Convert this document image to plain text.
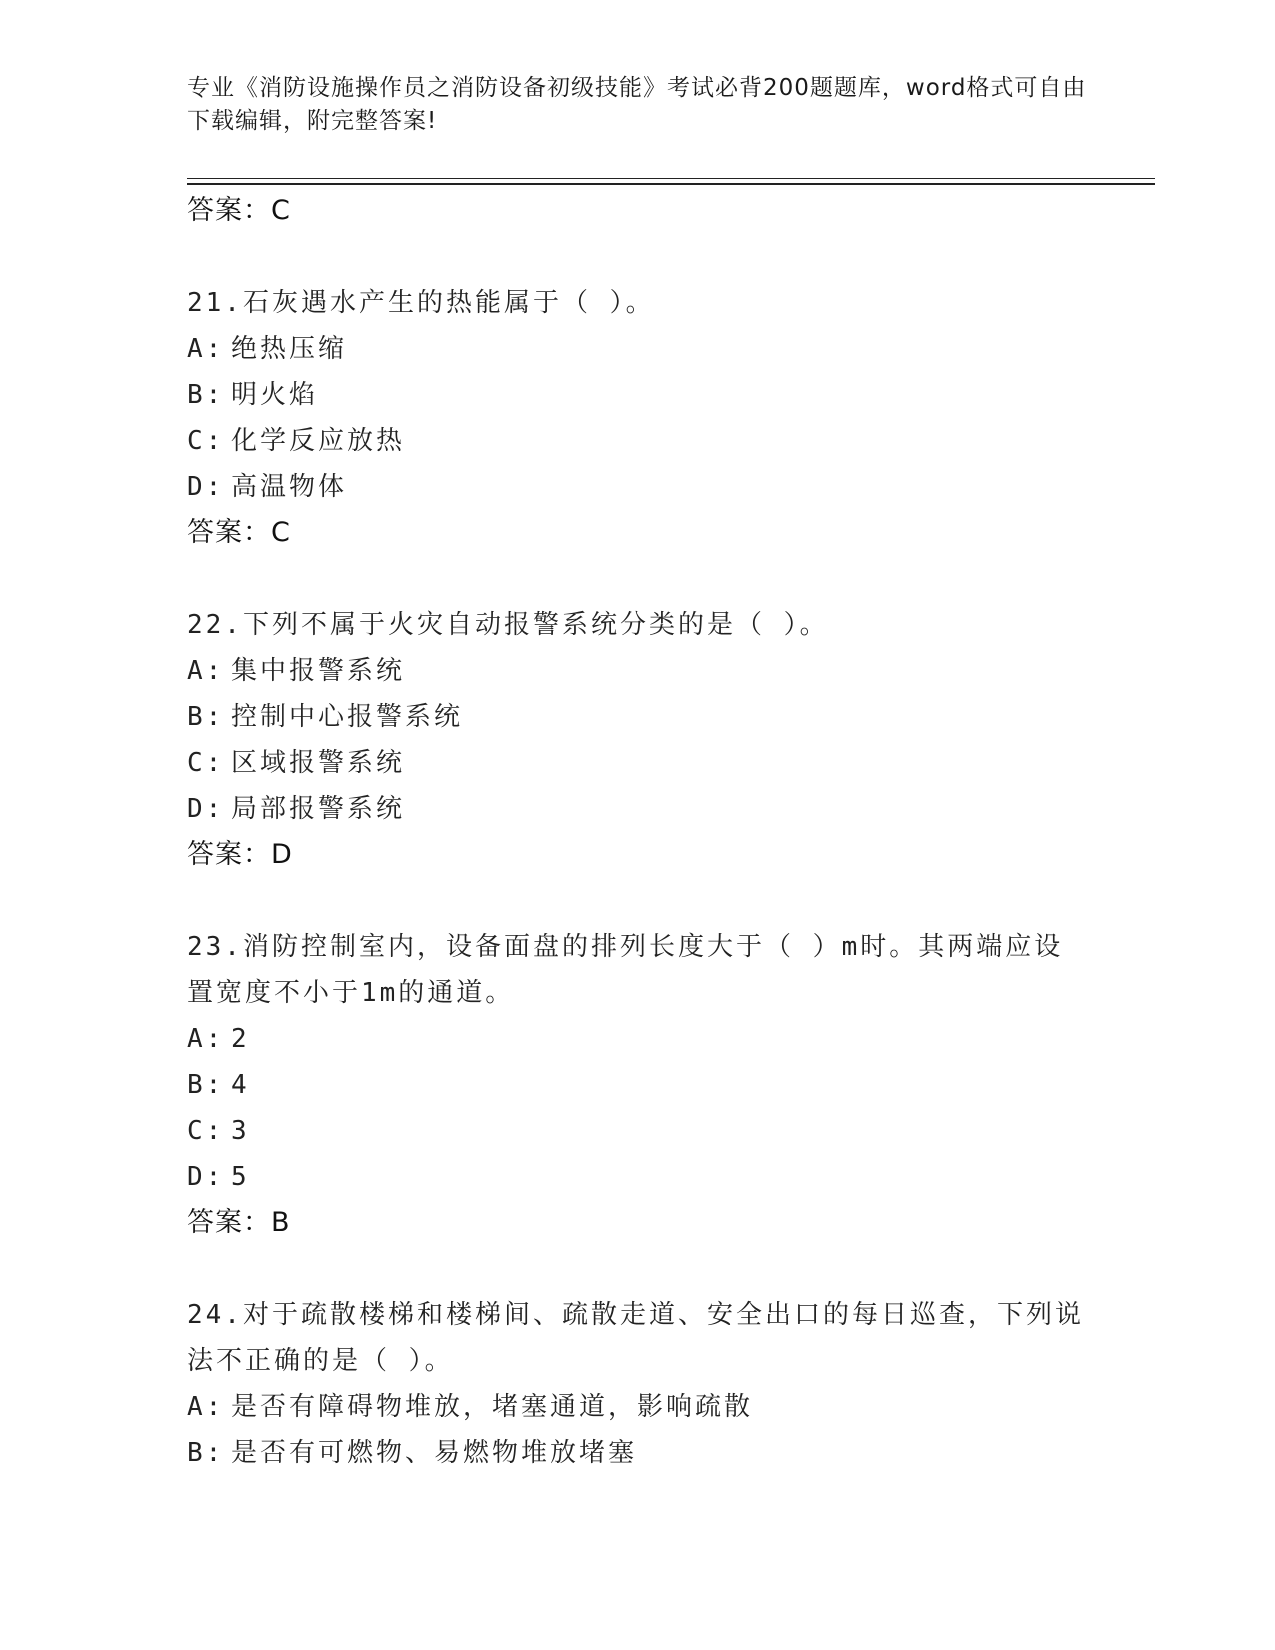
专业《消防设施操作员之消防设备初级技能》考试必背200题题库，word格式可自由下载编辑，附完整答案!
答案：C

21.石灰遇水产生的热能属于（ ）。

A: 绝热压缩
B: 明火焰
C: 化学反应放热
D: 高温物体
答案：C

22.下列不属于火灾自动报警系统分类的是（ ）。

A: 集中报警系统
B: 控制中心报警系统
C: 区域报警系统
D: 局部报警系统
答案：D

23.消防控制室内，设备面盘的排列长度大于（ ）m时。其两端应设置宽度不小于1m的通道。

A: 2
B: 4
C: 3
D: 5
答案：B

24.对于疏散楼梯和楼梯间、疏散走道、安全出口的每日巡查，下列说法不正确的是（ ）。

A: 是否有障碍物堆放，堵塞通道，影响疏散
B: 是否有可燃物、易燃物堆放堵塞
